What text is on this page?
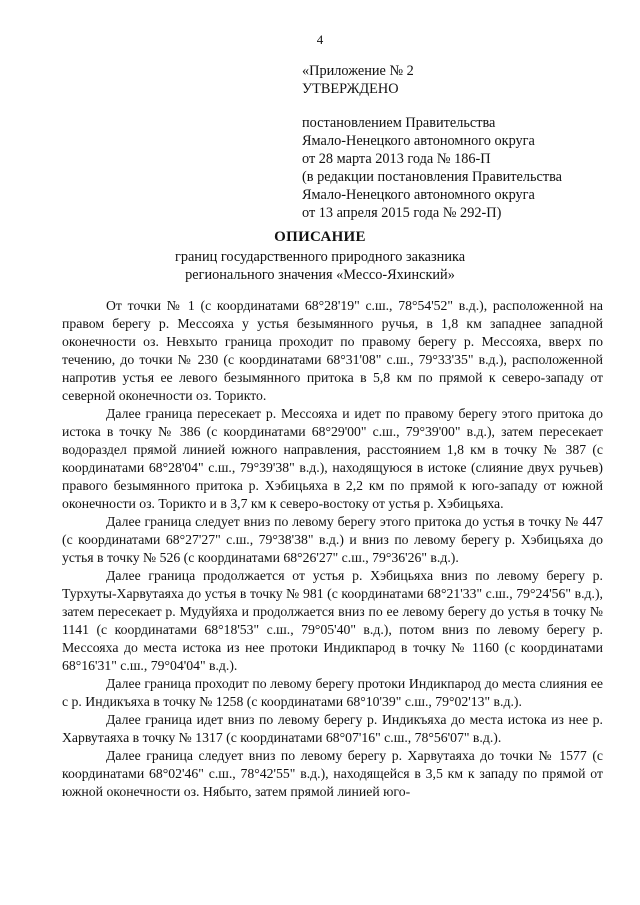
4
«Приложение № 2
УТВЕРЖДЕНО
постановлением Правительства
Ямало-Ненецкого автономного округа
от 28 марта 2013 года № 186-П
(в редакции постановления Правительства
Ямало-Ненецкого автономного округа
от 13 апреля 2015 года № 292-П)
ОПИСАНИЕ
границ государственного природного заказника
регионального значения «Мессо-Яхинский»

От точки № 1 (с координатами 68°28'19" с.ш., 78°54'52" в.д.), расположенной на правом берегу р. Мессояха у устья безымянного ручья, в 1,8 км западнее западной оконечности оз. Невхыто граница проходит по правому берегу р. Мессояха, вверх по течению, до точки № 230 (с координатами 68°31'08" с.ш., 79°33'35" в.д.), расположенной напротив устья ее левого безымянного притока в 5,8 км по прямой к северо-западу от северной оконечности оз. Торикто.

Далее граница пересекает р. Мессояха и идет по правому берегу этого притока до истока в точку № 386 (с координатами 68°29'00" с.ш., 79°39'00" в.д.), затем пересекает водораздел прямой линией южного направления, расстоянием 1,8 км в точку № 387 (с координатами 68°28'04" с.ш., 79°39'38" в.д.), находящуюся в истоке (слияние двух ручьев) правого безымянного притока р. Хэбицьяха в 2,2 км по прямой к юго-западу от южной оконечности оз. Торикто и в 3,7 км к северо-востоку от устья р. Хэбицьяха.

Далее граница следует вниз по левому берегу этого притока до устья в точку № 447 (с координатами 68°27'27" с.ш., 79°38'38" в.д.) и вниз по левому берегу р. Хэбицьяха до устья в точку № 526 (с координатами 68°26'27" с.ш., 79°36'26" в.д.).

Далее граница продолжается от устья р. Хэбицьяха вниз по левому берегу р. Турхуты-Харвутаяха до устья в точку № 981 (с координатами 68°21'33" с.ш., 79°24'56" в.д.), затем пересекает р. Мудуйяха и продолжается вниз по ее левому берегу до устья в точку № 1141 (с координатами 68°18'53" с.ш., 79°05'40" в.д.), потом вниз по левому берегу р. Мессояха до места истока из нее протоки Индикпарод в точку № 1160 (с координатами 68°16'31" с.ш., 79°04'04" в.д.).

Далее граница проходит по левому берегу протоки Индикпарод до места слияния ее с р. Индикъяха в точку № 1258 (с координатами 68°10'39" с.ш., 79°02'13" в.д.).

Далее граница идет вниз по левому берегу р. Индикъяха до места истока из нее р. Харвутаяха в точку № 1317 (с координатами 68°07'16" с.ш., 78°56'07" в.д.).

Далее граница следует вниз по левому берегу р. Харвутаяха до точки № 1577 (с координатами 68°02'46" с.ш., 78°42'55" в.д.), находящейся в 3,5 км к западу по прямой от южной оконечности оз. Нябыто, затем прямой линией юго-
